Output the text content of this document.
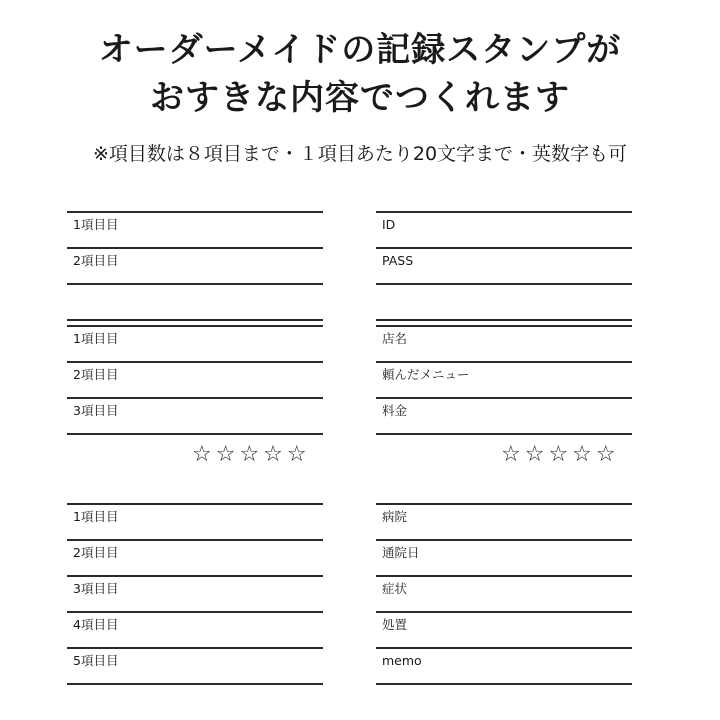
オーダーメイドの記録スタンプが
おすきな内容でつくれます
※項目数は８項目まで・１項目あたり20文字まで・英数字も可
1項目目
2項目目
ID
PASS
1項目目
2項目目
3項目目
☆☆☆☆☆
店名
頼んだメニュー
料金
☆☆☆☆☆
1項目目
2項目目
3項目目
4項目目
5項目目
病院
通院日
症状
処置
memo
